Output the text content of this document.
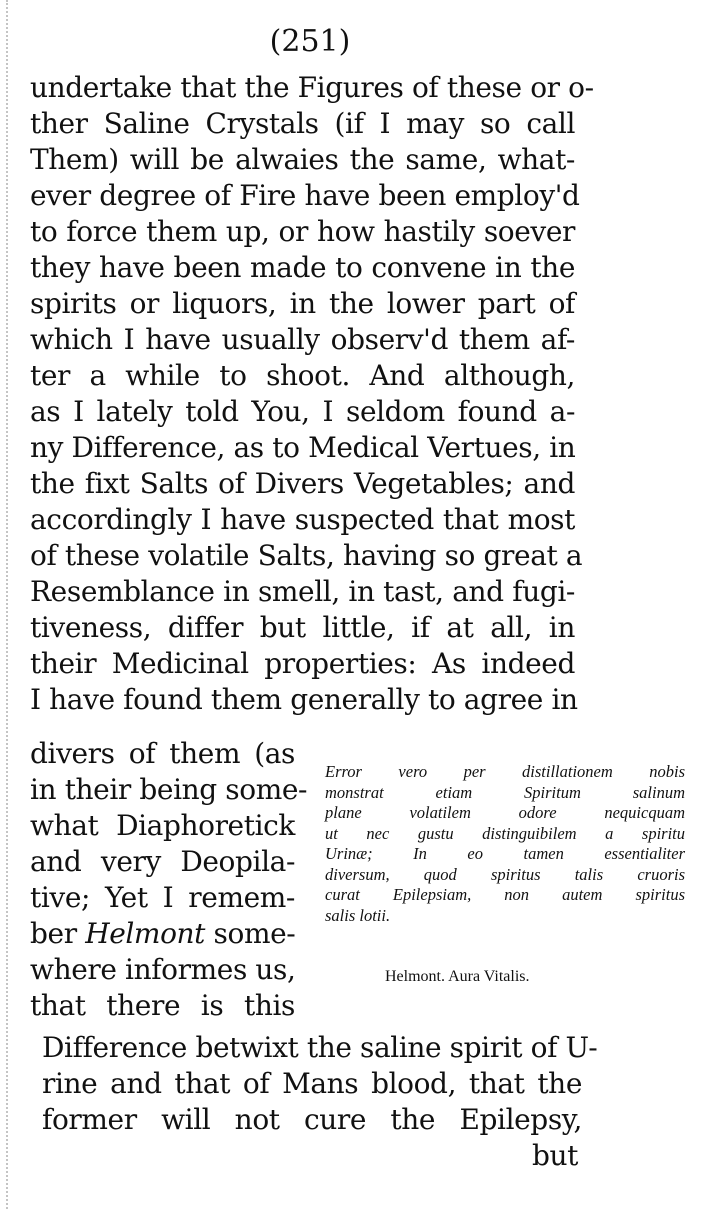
(251)
undertake that the Figures of these or o-
ther Saline Crystals (if I may so call
Them) will be alwaies the same, what-
ever degree of Fire have been employ'd
to force them up, or how hastily soever
they have been made to convene in the
spirits or liquors, in the lower part of
which I have usually observ'd them af-
ter a while to shoot. And although,
as I lately told You, I seldom found a-
ny Difference, as to Medical Vertues, in
the fixt Salts of Divers Vegetables; and
accordingly I have suspected that most
of these volatile Salts, having so great a
Resemblance in smell, in tast, and fugi-
tiveness, differ but little, if at all, in
their Medicinal properties: As indeed
I have found them generally to agree in
divers of them (as
in their being some-
what Diaphoretick
and very Deopila-
tive; Yet I remem-
ber Helmont some-
where informes us,
that there is this
Difference betwixt the saline spirit of U-
rine and that of Mans blood, that the
former will not cure the Epilepsy,
but
Error vero per distillationem nobis
monstrat etiam Spiritum salinum
plane volatilem odore nequicquam
ut nec gustu distinguibilem a spiritu
Urinæ; In eo tamen essentialiter
diversum, quod spiritus talis cruoris
curat Epilepsiam, non autem spiritus
salis lotii.
Helmont. Aura Vitalis.
